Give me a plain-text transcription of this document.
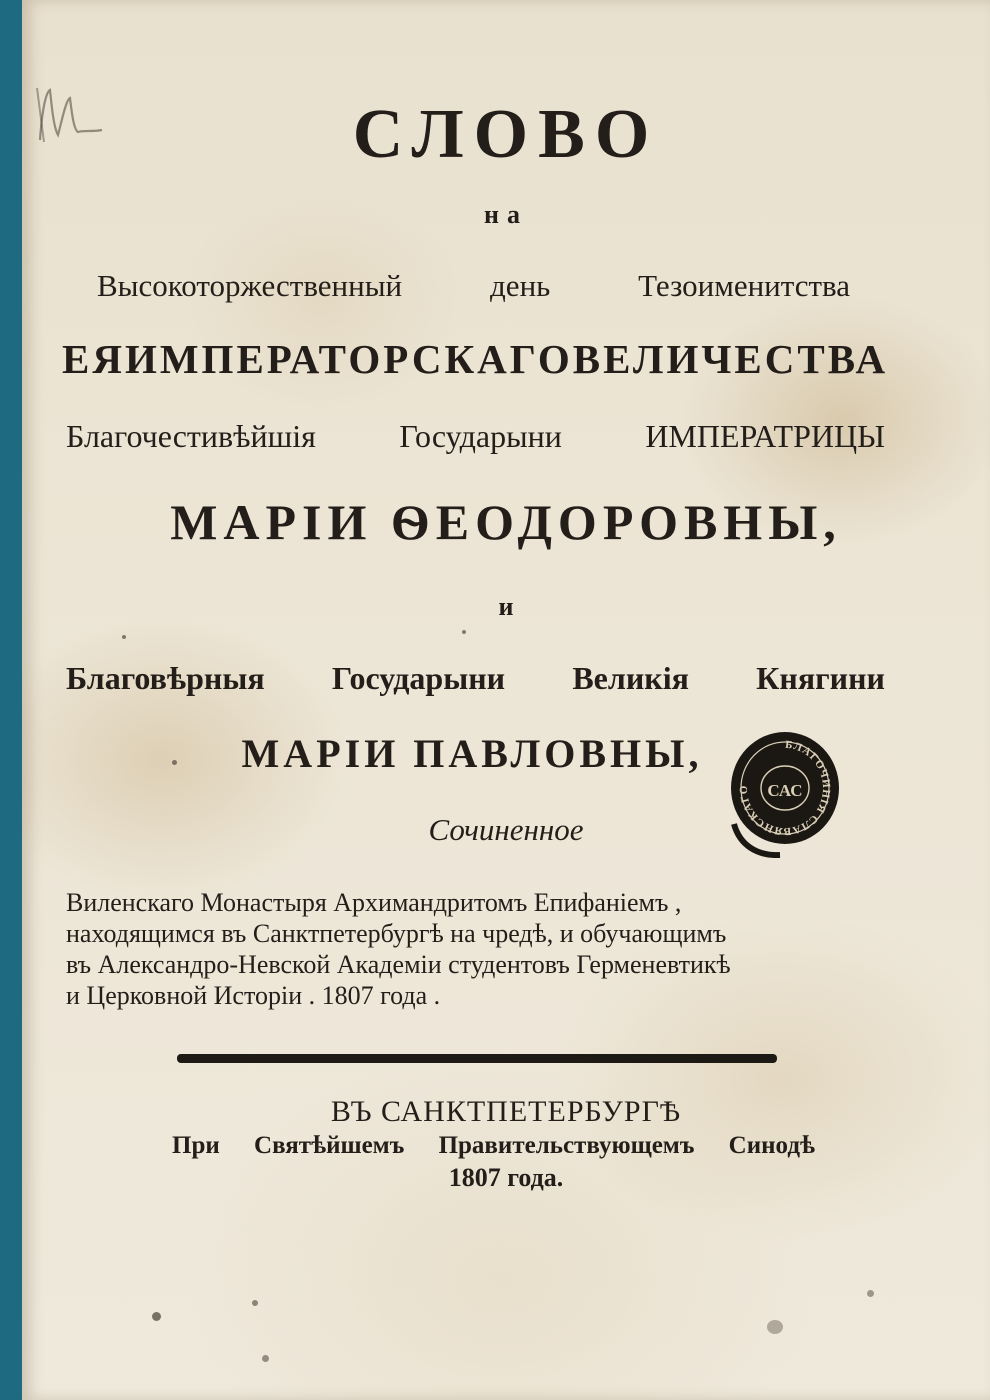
СЛОВО
на
Высокоторжественный	день	Тезоименитства
ЕЯ ИМПЕРАТОРСКАГО ВЕЛИЧЕСТВА
Благочестивѣйшія	Государыни	ИМПЕРАТРИЦЫ
МАРІИ ѲЕОДОРОВНЫ,
и
Благовѣрныя Государыни Великія Княгини
МАРІИ ПАВЛОВНЫ,
Сочиненное
Виленскаго Монастыря Архимандритомъ Епифаніемъ ,
находящимся въ Санктпетербургѣ на чредѣ, и обучающимъ
въ Александро-Невской Академіи студентовъ Герменевтикѣ
и Церковной Исторіи . 1807 года .
ВЪ САНКТПЕТЕРБУРГѢ
При Святѣйшемъ Правительствующемъ Синодѣ
1807 года.
БЛАГОЧИНІЯ СЛАВЯНСКАГО	САС
